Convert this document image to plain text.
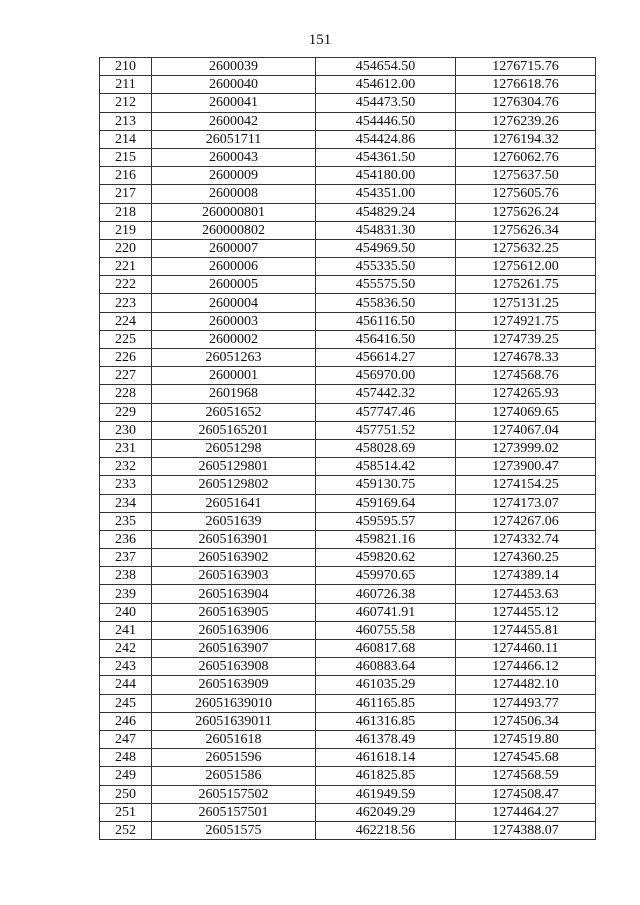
151
210	2600039	454654.50	1276715.76
211	2600040	454612.00	1276618.76
212	2600041	454473.50	1276304.76
213	2600042	454446.50	1276239.26
214	26051711	454424.86	1276194.32
215	2600043	454361.50	1276062.76
216	2600009	454180.00	1275637.50
217	2600008	454351.00	1275605.76
218	260000801	454829.24	1275626.24
219	260000802	454831.30	1275626.34
220	2600007	454969.50	1275632.25
221	2600006	455335.50	1275612.00
222	2600005	455575.50	1275261.75
223	2600004	455836.50	1275131.25
224	2600003	456116.50	1274921.75
225	2600002	456416.50	1274739.25
226	26051263	456614.27	1274678.33
227	2600001	456970.00	1274568.76
228	2601968	457442.32	1274265.93
229	26051652	457747.46	1274069.65
230	2605165201	457751.52	1274067.04
231	26051298	458028.69	1273999.02
232	2605129801	458514.42	1273900.47
233	2605129802	459130.75	1274154.25
234	26051641	459169.64	1274173.07
235	26051639	459595.57	1274267.06
236	2605163901	459821.16	1274332.74
237	2605163902	459820.62	1274360.25
238	2605163903	459970.65	1274389.14
239	2605163904	460726.38	1274453.63
240	2605163905	460741.91	1274455.12
241	2605163906	460755.58	1274455.81
242	2605163907	460817.68	1274460.11
243	2605163908	460883.64	1274466.12
244	2605163909	461035.29	1274482.10
245	26051639010	461165.85	1274493.77
246	26051639011	461316.85	1274506.34
247	26051618	461378.49	1274519.80
248	26051596	461618.14	1274545.68
249	26051586	461825.85	1274568.59
250	2605157502	461949.59	1274508.47
251	2605157501	462049.29	1274464.27
252	26051575	462218.56	1274388.07
